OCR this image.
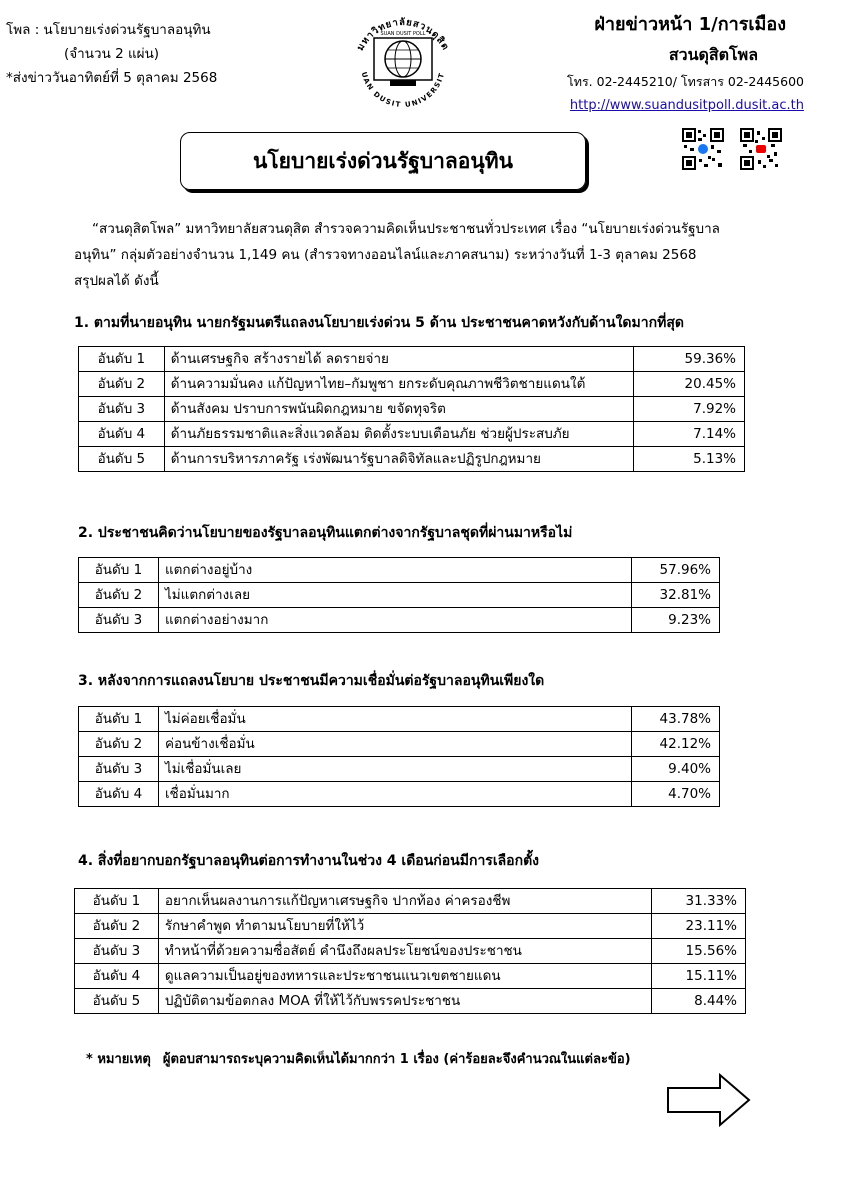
โพล : นโยบายเร่งด่วนรัฐบาลอนุทิน
(จำนวน 2 แผ่น)
*ส่งข่าววันอาทิตย์ที่ 5 ตุลาคม 2568
มหาวิทยาลัยสวนดุสิต
UAN DUSIT UNIVERSIT
SUAN DUSIT POLL	ฝ่ายข่าวหน้า 1/การเมือง
สวนดุสิตโพล
โทร. 02-2445210/ โทรสาร 02-2445600
http://www.suandusitpoll.dusit.ac.th
นโยบายเร่งด่วนรัฐบาลอนุทิน
“สวนดุสิตโพล” มหาวิทยาลัยสวนดุสิต สำรวจความคิดเห็นประชาชนทั่วประเทศ เรื่อง “นโยบายเร่งด่วนรัฐบาล
อนุทิน” กลุ่มตัวอย่างจำนวน 1,149 คน (สำรวจทางออนไลน์และภาคสนาม) ระหว่างวันที่ 1-3 ตุลาคม 2568
สรุปผลได้ ดังนี้
1. ตามที่นายอนุทิน นายกรัฐมนตรีแถลงนโยบายเร่งด่วน 5 ด้าน ประชาชนคาดหวังกับด้านใดมากที่สุด
อันดับ 1	ด้านเศรษฐกิจ สร้างรายได้ ลดรายจ่าย	59.36%
อันดับ 2	ด้านความมั่นคง แก้ปัญหาไทย–กัมพูชา ยกระดับคุณภาพชีวิตชายแดนใต้	20.45%
อันดับ 3	ด้านสังคม ปราบการพนันผิดกฎหมาย ขจัดทุจริต	7.92%
อันดับ 4	ด้านภัยธรรมชาติและสิ่งแวดล้อม ติดตั้งระบบเตือนภัย ช่วยผู้ประสบภัย	7.14%
อันดับ 5	ด้านการบริหารภาครัฐ เร่งพัฒนารัฐบาลดิจิทัลและปฏิรูปกฎหมาย	5.13%
2. ประชาชนคิดว่านโยบายของรัฐบาลอนุทินแตกต่างจากรัฐบาลชุดที่ผ่านมาหรือไม่
อันดับ 1	แตกต่างอยู่บ้าง	57.96%
อันดับ 2	ไม่แตกต่างเลย	32.81%
อันดับ 3	แตกต่างอย่างมาก	9.23%
3. หลังจากการแถลงนโยบาย ประชาชนมีความเชื่อมั่นต่อรัฐบาลอนุทินเพียงใด
อันดับ 1	ไม่ค่อยเชื่อมั่น	43.78%
อันดับ 2	ค่อนข้างเชื่อมั่น	42.12%
อันดับ 3	ไม่เชื่อมั่นเลย	9.40%
อันดับ 4	เชื่อมั่นมาก	4.70%
4. สิ่งที่อยากบอกรัฐบาลอนุทินต่อการทำงานในช่วง 4 เดือนก่อนมีการเลือกตั้ง
อันดับ 1	อยากเห็นผลงานการแก้ปัญหาเศรษฐกิจ ปากท้อง ค่าครองชีพ	31.33%
อันดับ 2	รักษาคำพูด ทำตามนโยบายที่ให้ไว้	23.11%
อันดับ 3	ทำหน้าที่ด้วยความซื่อสัตย์ คำนึงถึงผลประโยชน์ของประชาชน	15.56%
อันดับ 4	ดูแลความเป็นอยู่ของทหารและประชาชนแนวเขตชายแดน	15.11%
อันดับ 5	ปฏิบัติตามข้อตกลง MOA ที่ให้ไว้กับพรรคประชาชน	8.44%
* หมายเหตุ ผู้ตอบสามารถระบุความคิดเห็นได้มากกว่า 1 เรื่อง (ค่าร้อยละจึงคำนวณในแต่ละข้อ)
